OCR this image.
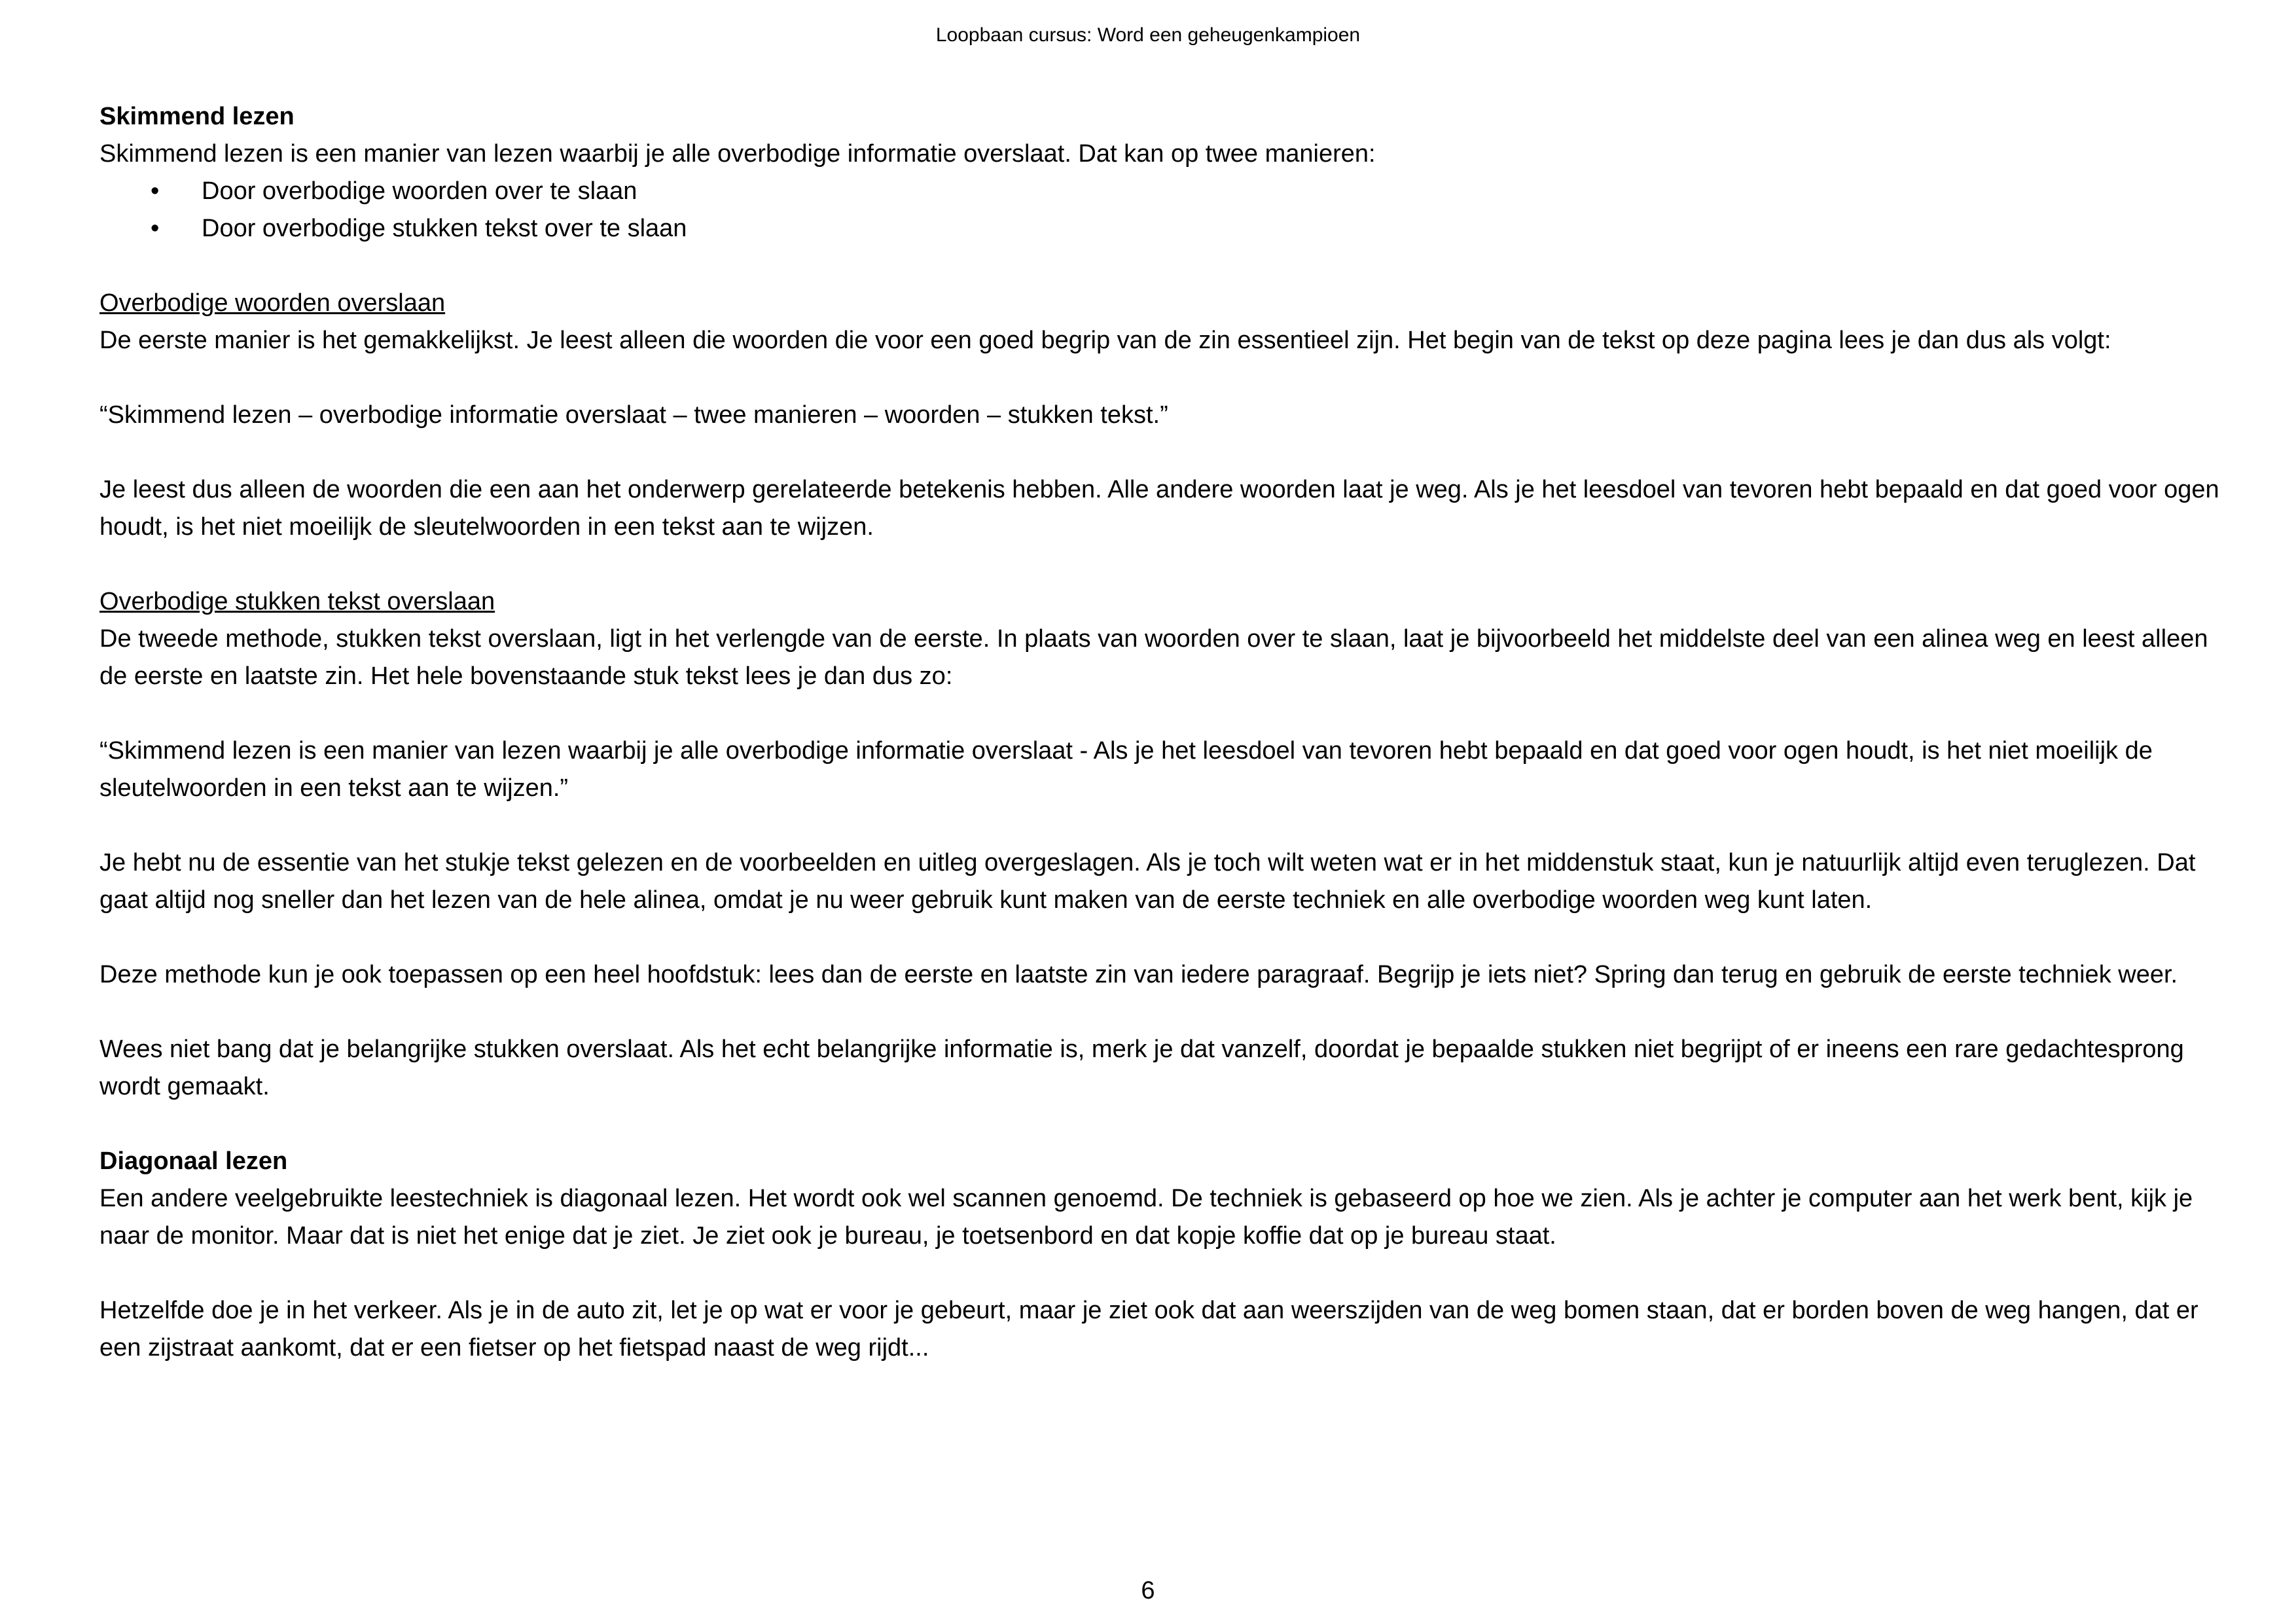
Loopbaan cursus: Word een geheugenkampioen
Skimmend lezen

Skimmend lezen is een manier van lezen waarbij je alle overbodige informatie overslaat. Dat kan op twee manieren:

•	Door overbodige woorden over te slaan
•	Door overbodige stukken tekst over te slaan
Overbodige woorden overslaan

De eerste manier is het gemakkelijkst. Je leest alleen die woorden die voor een goed begrip van de zin essentieel zijn. Het begin van de tekst op deze pagina lees je dan dus als volgt:

“Skimmend lezen – overbodige informatie overslaat – twee manieren – woorden – stukken tekst.”

Je leest dus alleen de woorden die een aan het onderwerp gerelateerde betekenis hebben. Alle andere woorden laat je weg. Als je het leesdoel van tevoren hebt bepaald en dat goed voor ogen houdt, is het niet moeilijk de sleutelwoorden in een tekst aan te wijzen.

Overbodige stukken tekst overslaan

De tweede methode, stukken tekst overslaan, ligt in het verlengde van de eerste. In plaats van woorden over te slaan, laat je bijvoorbeeld het middelste deel van een alinea weg en leest alleen de eerste en laatste zin. Het hele bovenstaande stuk tekst lees je dan dus zo:

“Skimmend lezen is een manier van lezen waarbij je alle overbodige informatie overslaat - Als je het leesdoel van tevoren hebt bepaald en dat goed voor ogen houdt, is het niet moeilijk de sleutelwoorden in een tekst aan te wijzen.”

Je hebt nu de essentie van het stukje tekst gelezen en de voorbeelden en uitleg overgeslagen. Als je toch wilt weten wat er in het middenstuk staat, kun je natuurlijk altijd even teruglezen. Dat gaat altijd nog sneller dan het lezen van de hele alinea, omdat je nu weer gebruik kunt maken van de eerste techniek en alle overbodige woorden weg kunt laten.

Deze methode kun je ook toepassen op een heel hoofdstuk: lees dan de eerste en laatste zin van iedere paragraaf. Begrijp je iets niet? Spring dan terug en gebruik de eerste techniek weer.

Wees niet bang dat je belangrijke stukken overslaat. Als het echt belangrijke informatie is, merk je dat vanzelf, doordat je bepaalde stukken niet begrijpt of er ineens een rare gedachtesprong wordt gemaakt.

Diagonaal lezen

Een andere veelgebruikte leestechniek is diagonaal lezen. Het wordt ook wel scannen genoemd. De techniek is gebaseerd op hoe we zien. Als je achter je computer aan het werk bent, kijk je naar de monitor. Maar dat is niet het enige dat je ziet. Je ziet ook je bureau, je toetsenbord en dat kopje koffie dat op je bureau staat.

Hetzelfde doe je in het verkeer. Als je in de auto zit, let je op wat er voor je gebeurt, maar je ziet ook dat aan weerszijden van de weg bomen staan, dat er borden boven de weg hangen, dat er een zijstraat aankomt, dat er een fietser op het fietspad naast de weg rijdt...

6
